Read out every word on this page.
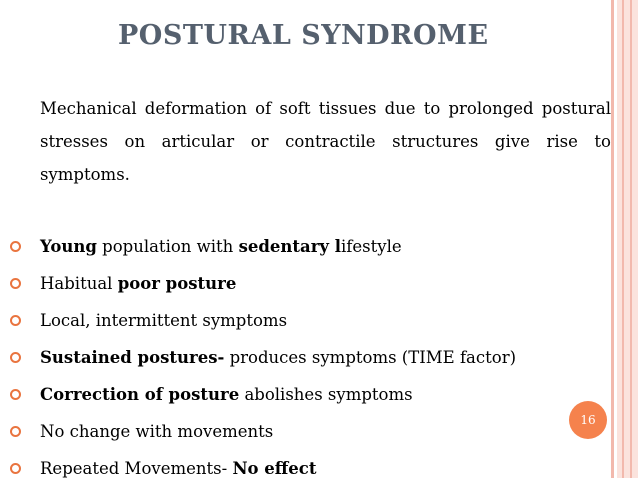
POSTURAL SYNDROME

Mechanical deformation of soft tissues due to prolonged postural stresses on articular or contractile structures give rise to symptoms.

Young population with sedentary lifestyle
Habitual poor posture
Local, intermittent symptoms
Sustained postures- produces symptoms (TIME factor)
Correction of posture abolishes symptoms
No change with movements
Repeated Movements- No effect
16
